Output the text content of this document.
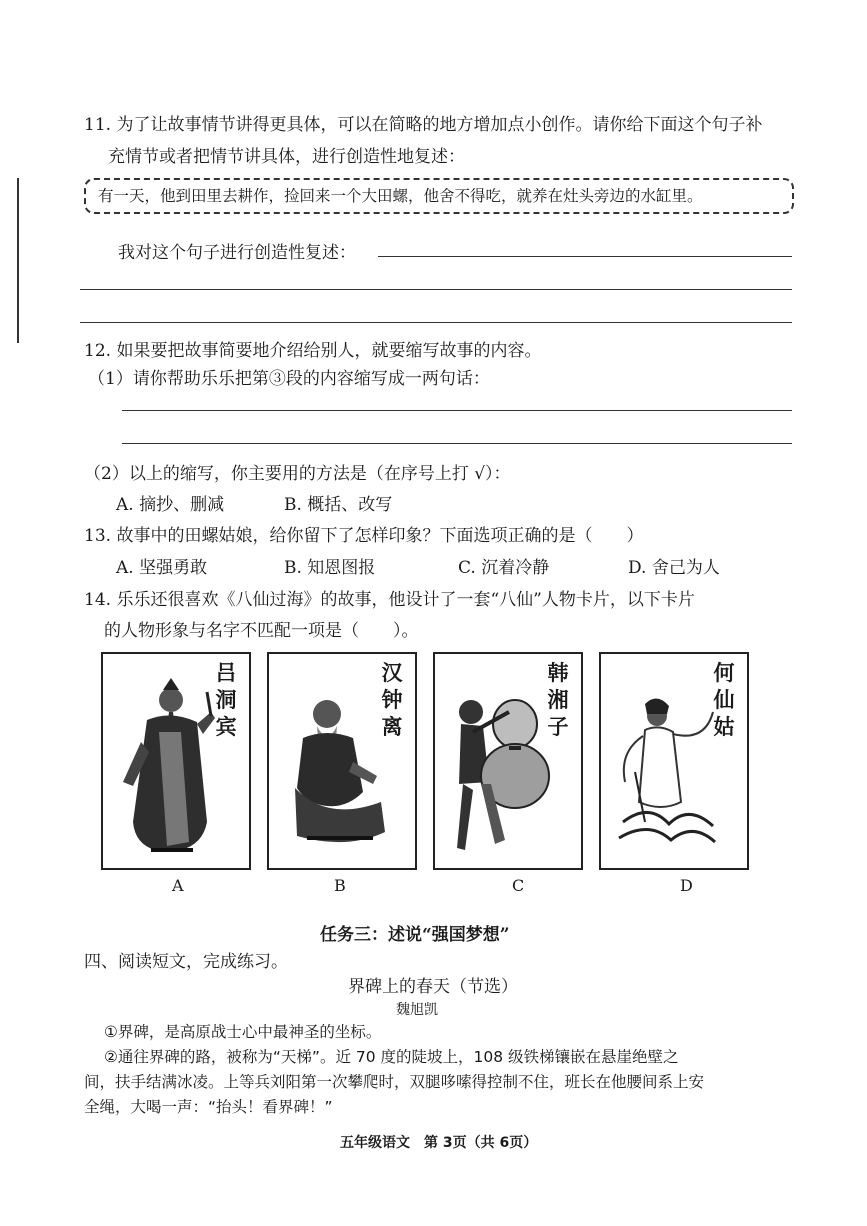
11. 为了让故事情节讲得更具体，可以在简略的地方增加点小创作。请你给下面这个句子补
充情节或者把情节讲具体，进行创造性地复述：
有一天，他到田里去耕作，捡回来一个大田螺，他舍不得吃，就养在灶头旁边的水缸里。
我对这个句子进行创造性复述：
12. 如果要把故事简要地介绍给别人，就要缩写故事的内容。
（1）请你帮助乐乐把第③段的内容缩写成一两句话：
（2）以上的缩写，你主要用的方法是（在序号上打 √）：
A. 摘抄、删减	B. 概括、改写
13. 故事中的田螺姑娘，给你留下了怎样印象？下面选项正确的是（　　）
A. 坚强勇敢	B. 知恩图报	C. 沉着冷静	D. 舍己为人
14. 乐乐还很喜欢《八仙过海》的故事，他设计了一套“八仙”人物卡片，以下卡片
的人物形象与名字不匹配一项是（　　）。
吕洞宾
汉钟离
韩湘子
何仙姑
A	B	C	D
任务三：述说“强国梦想”
四、阅读短文，完成练习。
界碑上的春天（节选）
魏旭凯
①界碑，是高原战士心中最神圣的坐标。
②通往界碑的路，被称为“天梯”。近 70 度的陡坡上，108 级铁梯镶嵌在悬崖绝壁之
间，扶手结满冰凌。上等兵刘阳第一次攀爬时，双腿哆嗦得控制不住，班长在他腰间系上安
全绳，大喝一声：“抬头！看界碑！”
五年级语文　第 3页（共 6页）
